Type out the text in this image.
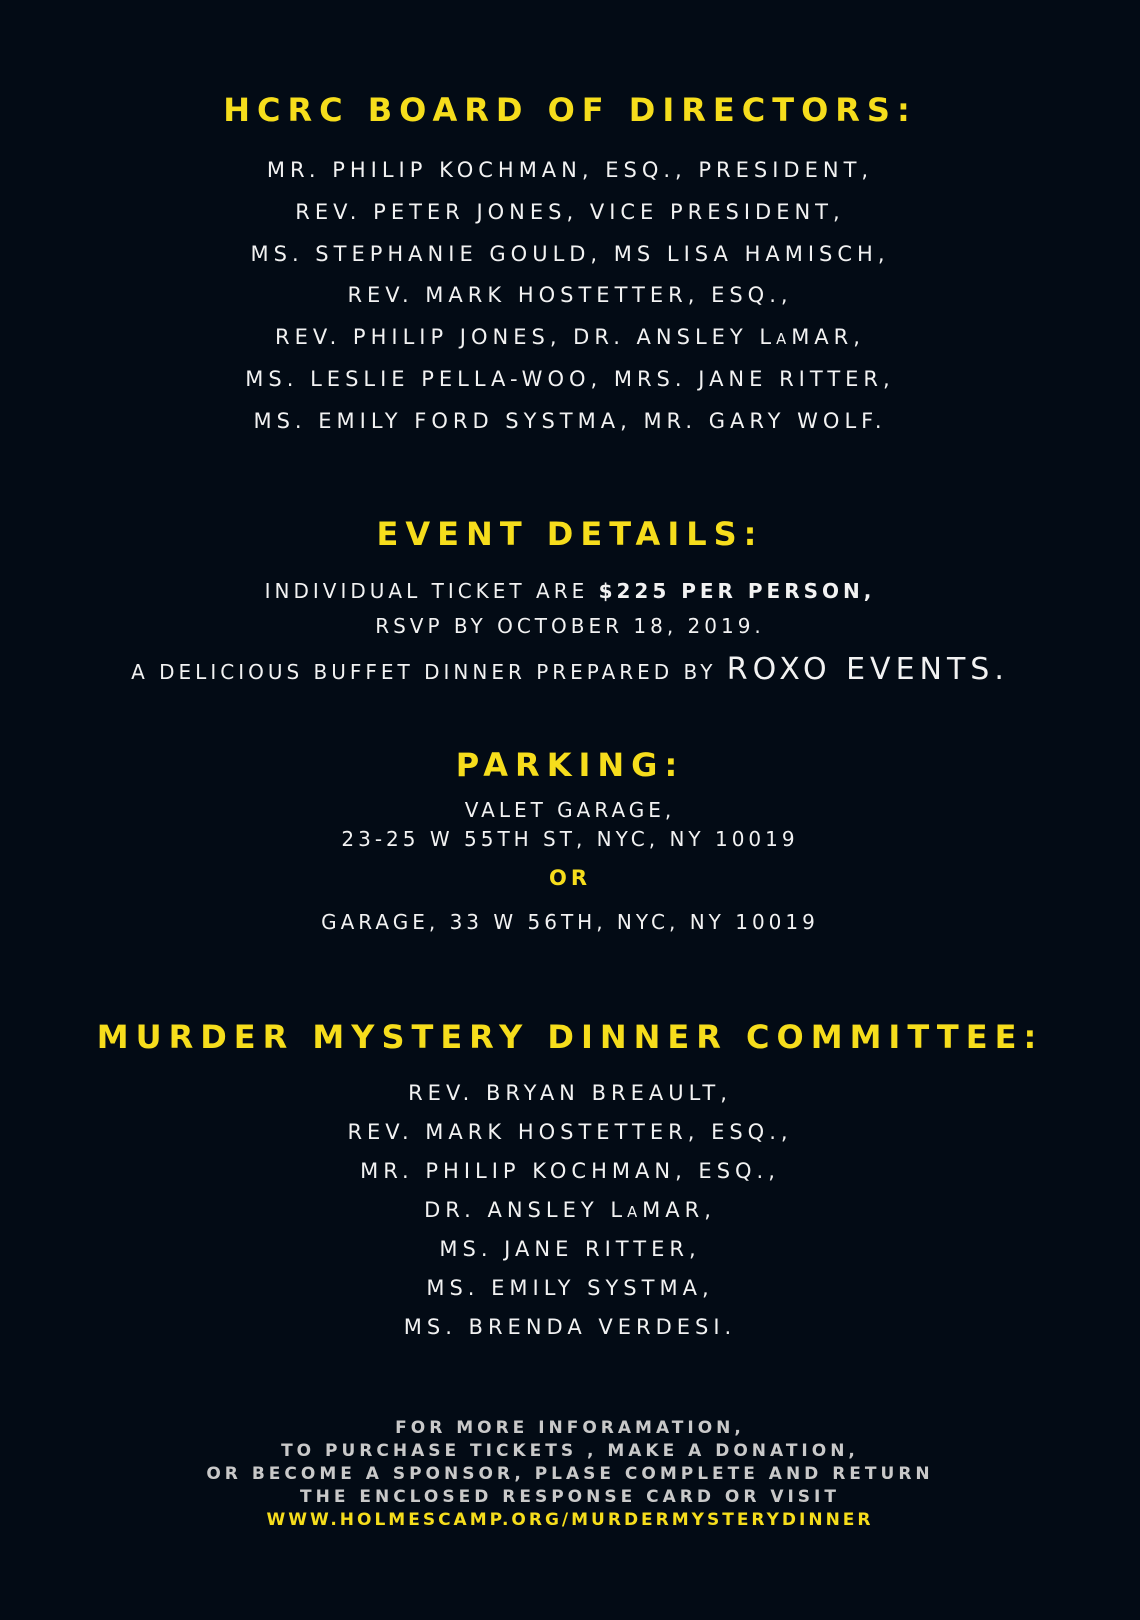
HCRC BOARD OF DIRECTORS:
MR. PHILIP KOCHMAN, ESQ., PRESIDENT,
REV. PETER JONES, VICE PRESIDENT,
MS. STEPHANIE GOULD, MS LISA HAMISCH,
REV. MARK HOSTETTER, ESQ.,
REV. PHILIP JONES, DR. ANSLEY LAMAR,
MS. LESLIE PELLA-WOO, MRS. JANE RITTER,
MS. EMILY FORD SYSTMA, MR. GARY WOLF.
EVENT DETAILS:
INDIVIDUAL TICKET ARE $225 PER PERSON,
RSVP BY OCTOBER 18, 2019.
A DELICIOUS BUFFET DINNER PREPARED BY ROXO EVENTS.
PARKING:
VALET GARAGE,
23-25 W 55TH ST, NYC, NY 10019
OR
GARAGE, 33 W 56TH, NYC, NY 10019
MURDER MYSTERY DINNER COMMITTEE:
REV. BRYAN BREAULT,
REV. MARK HOSTETTER, ESQ.,
MR. PHILIP KOCHMAN, ESQ.,
DR. ANSLEY LAMAR,
MS. JANE RITTER,
MS. EMILY SYSTMA,
MS. BRENDA VERDESI.
FOR MORE INFORAMATION,
TO PURCHASE TICKETS , MAKE A DONATION,
OR BECOME A SPONSOR, PLASE COMPLETE AND RETURN
THE ENCLOSED RESPONSE CARD OR VISIT
WWW.HOLMESCAMP.ORG/MURDERMYSTERYDINNER
